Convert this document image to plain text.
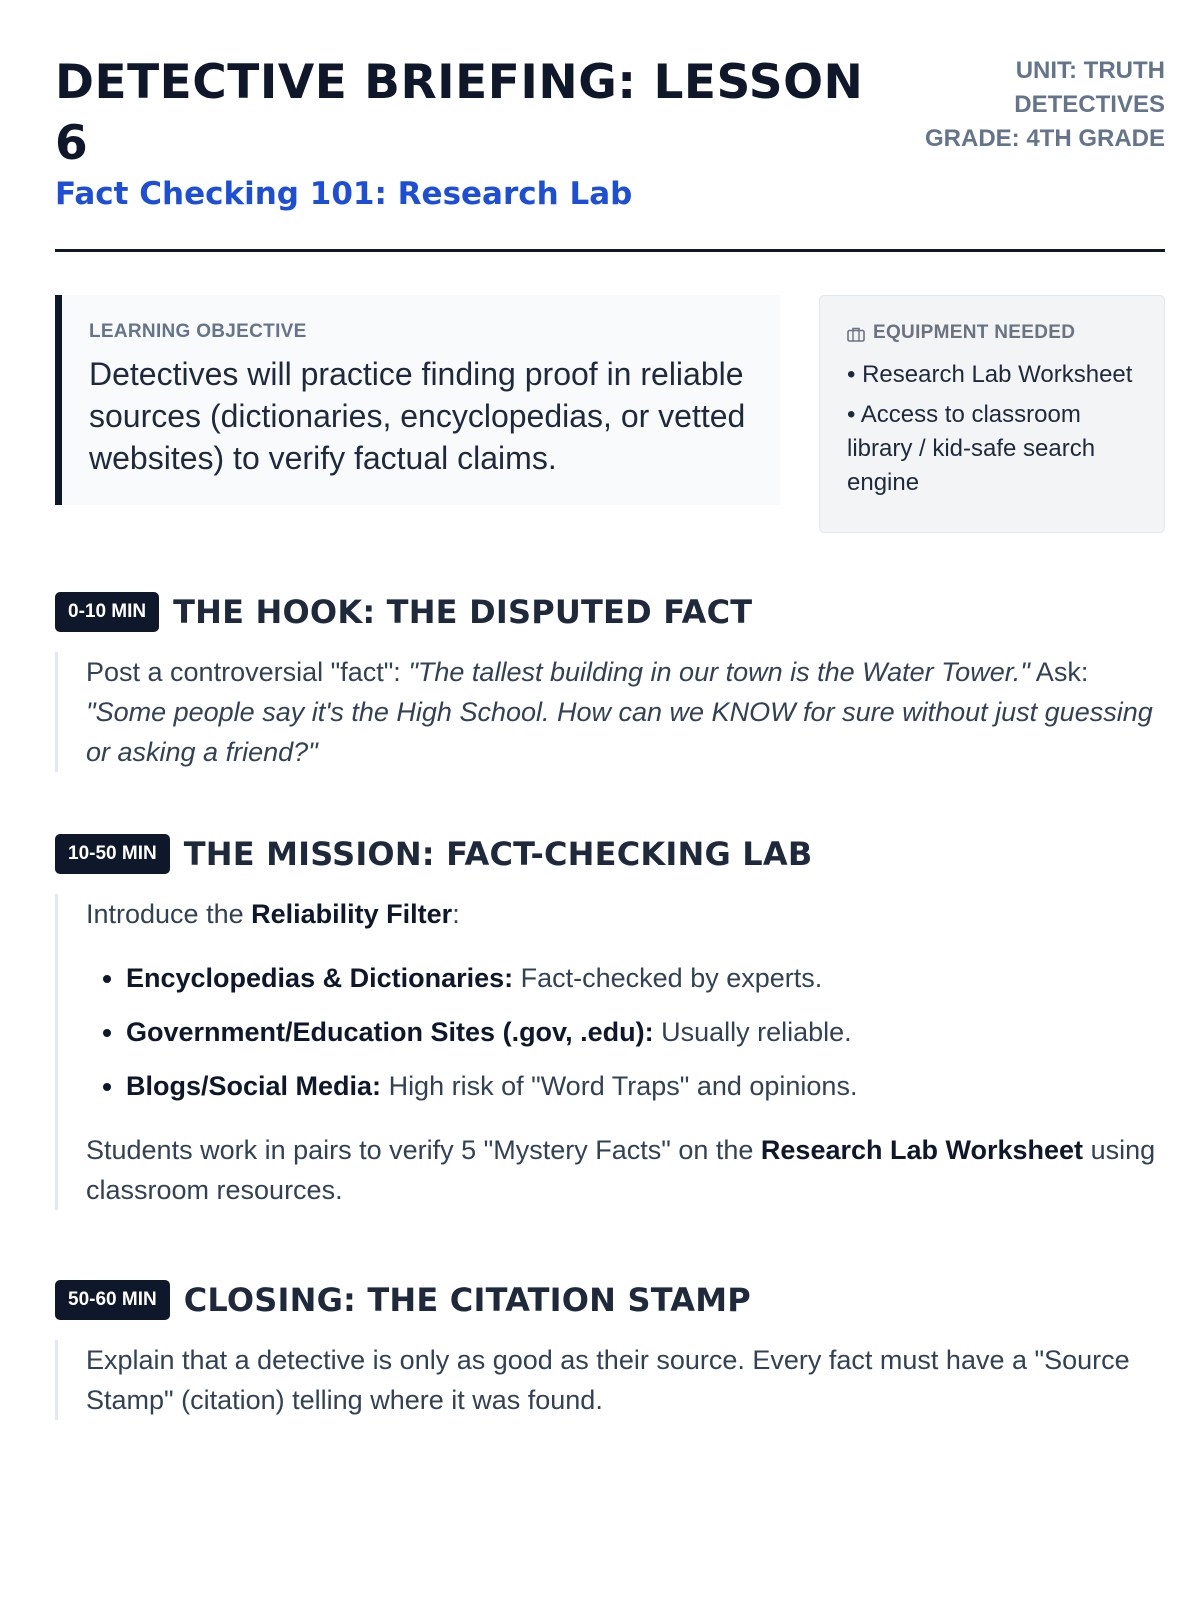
DETECTIVE BRIEFING: LESSON 6
Fact Checking 101: Research Lab
UNIT: TRUTH DETECTIVES
GRADE: 4TH GRADE
LEARNING OBJECTIVE
Detectives will practice finding proof in reliable sources (dictionaries, encyclopedias, or vetted websites) to verify factual claims.
EQUIPMENT NEEDED
• Research Lab Worksheet
• Access to classroom library / kid-safe search engine
0-10 MIN THE HOOK: THE DISPUTED FACT
Post a controversial "fact": "The tallest building in our town is the Water Tower." Ask: "Some people say it's the High School. How can we KNOW for sure without just guessing or asking a friend?"
10-50 MIN THE MISSION: FACT-CHECKING LAB

Introduce the Reliability Filter:

• Encyclopedias & Dictionaries: Fact-checked by experts.
• Government/Education Sites (.gov, .edu): Usually reliable.
• Blogs/Social Media: High risk of "Word Traps" and opinions.

Students work in pairs to verify 5 "Mystery Facts" on the Research Lab Worksheet using classroom resources.

50-60 MIN CLOSING: THE CITATION STAMP
Explain that a detective is only as good as their source. Every fact must have a "Source Stamp" (citation) telling where it was found.
